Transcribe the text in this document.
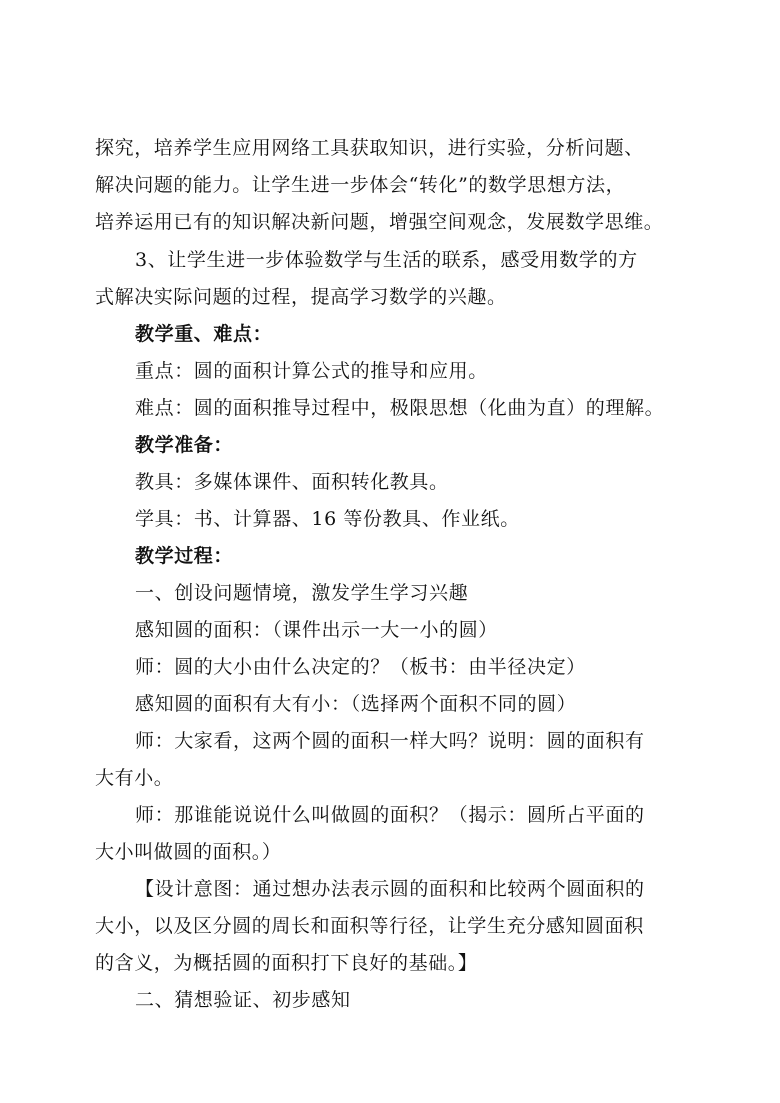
探究，培养学生应用网络工具获取知识，进行实验，分析问题、
解决问题的能力。让学生进一步体会“转化”的数学思想方法，
培养运用已有的知识解决新问题，增强空间观念，发展数学思维。
3、让学生进一步体验数学与生活的联系，感受用数学的方
式解决实际问题的过程，提高学习数学的兴趣。
教学重、难点：
重点：圆的面积计算公式的推导和应用。
难点：圆的面积推导过程中，极限思想（化曲为直）的理解。
教学准备：
教具：多媒体课件、面积转化教具。
学具：书、计算器、16 等份教具、作业纸。
教学过程：
一、创设问题情境，激发学生学习兴趣
感知圆的面积：（课件出示一大一小的圆）
师：圆的大小由什么决定的？（板书：由半径决定）
感知圆的面积有大有小：（选择两个面积不同的圆）
师：大家看，这两个圆的面积一样大吗？说明：圆的面积有
大有小。
师：那谁能说说什么叫做圆的面积？（揭示：圆所占平面的
大小叫做圆的面积。）
【设计意图：通过想办法表示圆的面积和比较两个圆面积的
大小，以及区分圆的周长和面积等行径，让学生充分感知圆面积
的含义，为概括圆的面积打下良好的基础。】
二、猜想验证、初步感知
